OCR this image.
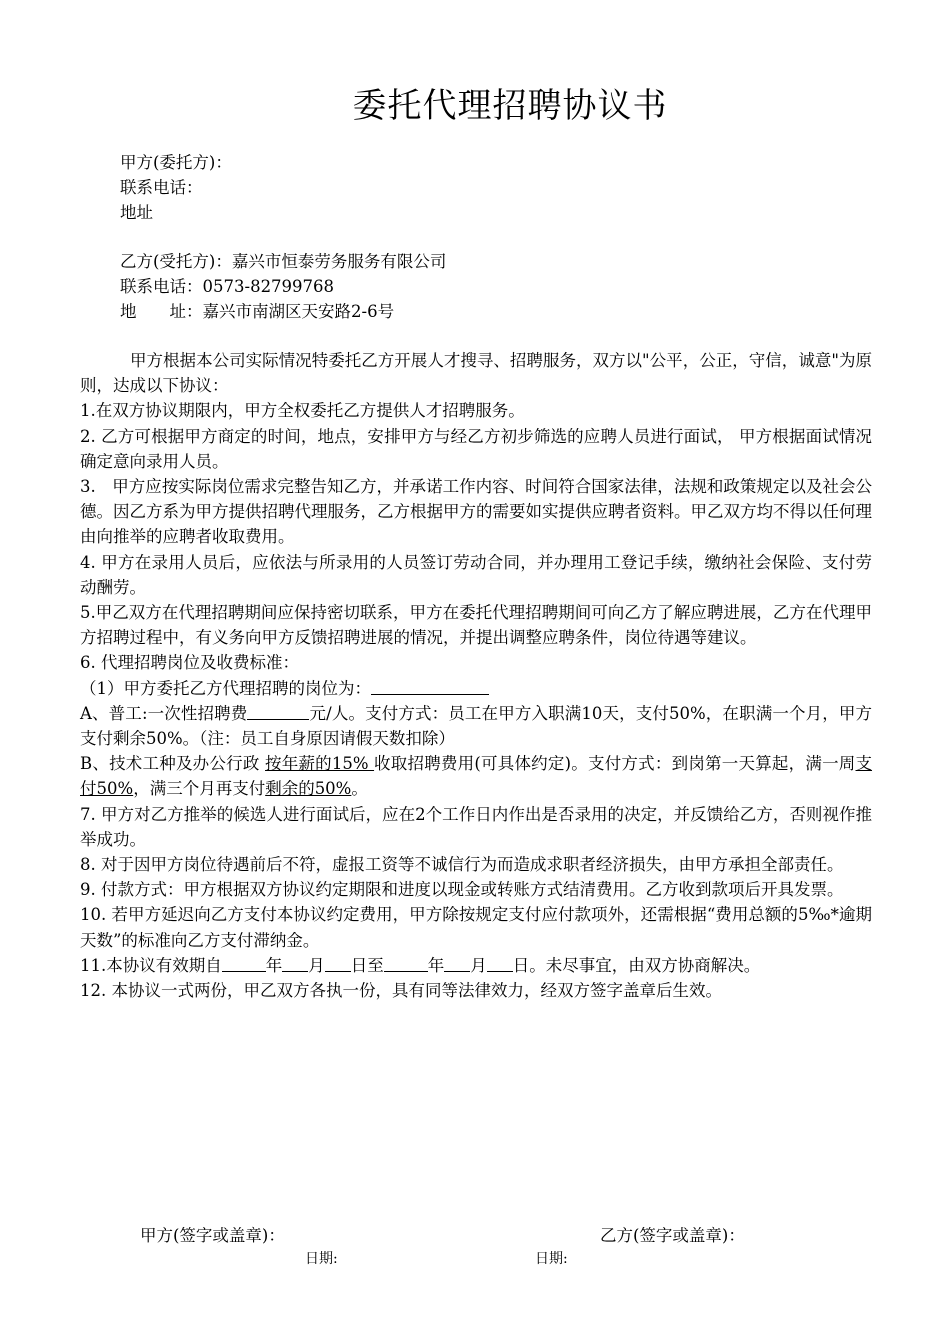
委托代理招聘协议书
甲方(委托方)：
联系电话：
地址
乙方(受托方)：嘉兴市恒泰劳务服务有限公司
联系电话：0573-82799768
地　　址：嘉兴市南湖区天安路2-6号

甲方根据本公司实际情况特委托乙方开展人才搜寻、招聘服务，双方以"公平，公正，守信，诚意"为原则，达成以下协议：

1.在双方协议期限内，甲方全权委托乙方提供人才招聘服务。

2. 乙方可根据甲方商定的时间，地点，安排甲方与经乙方初步筛选的应聘人员进行面试， 甲方根据面试情况确定意向录用人员。

3.　甲方应按实际岗位需求完整告知乙方，并承诺工作内容、时间符合国家法律，法规和政策规定以及社会公德。因乙方系为甲方提供招聘代理服务，乙方根据甲方的需要如实提供应聘者资料。甲乙双方均不得以任何理由向推举的应聘者收取费用。

4. 甲方在录用人员后，应依法与所录用的人员签订劳动合同，并办理用工登记手续，缴纳社会保险、支付劳动酬劳。

5.甲乙双方在代理招聘期间应保持密切联系，甲方在委托代理招聘期间可向乙方了解应聘进展，乙方在代理甲方招聘过程中，有义务向甲方反馈招聘进展的情况，并提出调整应聘条件，岗位待遇等建议。

6. 代理招聘岗位及收费标准：

（1）甲方委托乙方代理招聘的岗位为：

A、普工:一次性招聘费	元/人。支付方式：员工在甲方入职满10天，支付50%，在职满一个月，甲方支付剩余50%。（注：员工自身原因请假天数扣除）

B、技术工种及办公行政 按年薪的15% 收取招聘费用(可具体约定)。支付方式：到岗第一天算起，满一周支付50%，满三个月再支付剩余的50%。

7. 甲方对乙方推举的候选人进行面试后，应在2个工作日内作出是否录用的决定，并反馈给乙方，否则视作推举成功。

8. 对于因甲方岗位待遇前后不符，虚报工资等不诚信行为而造成求职者经济损失，由甲方承担全部责任。

9. 付款方式：甲方根据双方协议约定期限和进度以现金或转账方式结清费用。乙方收到款项后开具发票。

10. 若甲方延迟向乙方支付本协议约定费用，甲方除按规定支付应付款项外，还需根据“费用总额的5‰*逾期天数”的标准向乙方支付滞纳金。

11.本协议有效期自	年 月 日至	年 月 日。未尽事宜，由双方协商解决。

12. 本协议一式两份，甲乙双方各执一份，具有同等法律效力，经双方签字盖章后生效。

甲方(签字或盖章)：	乙方(签字或盖章)：
日期:	日期:
